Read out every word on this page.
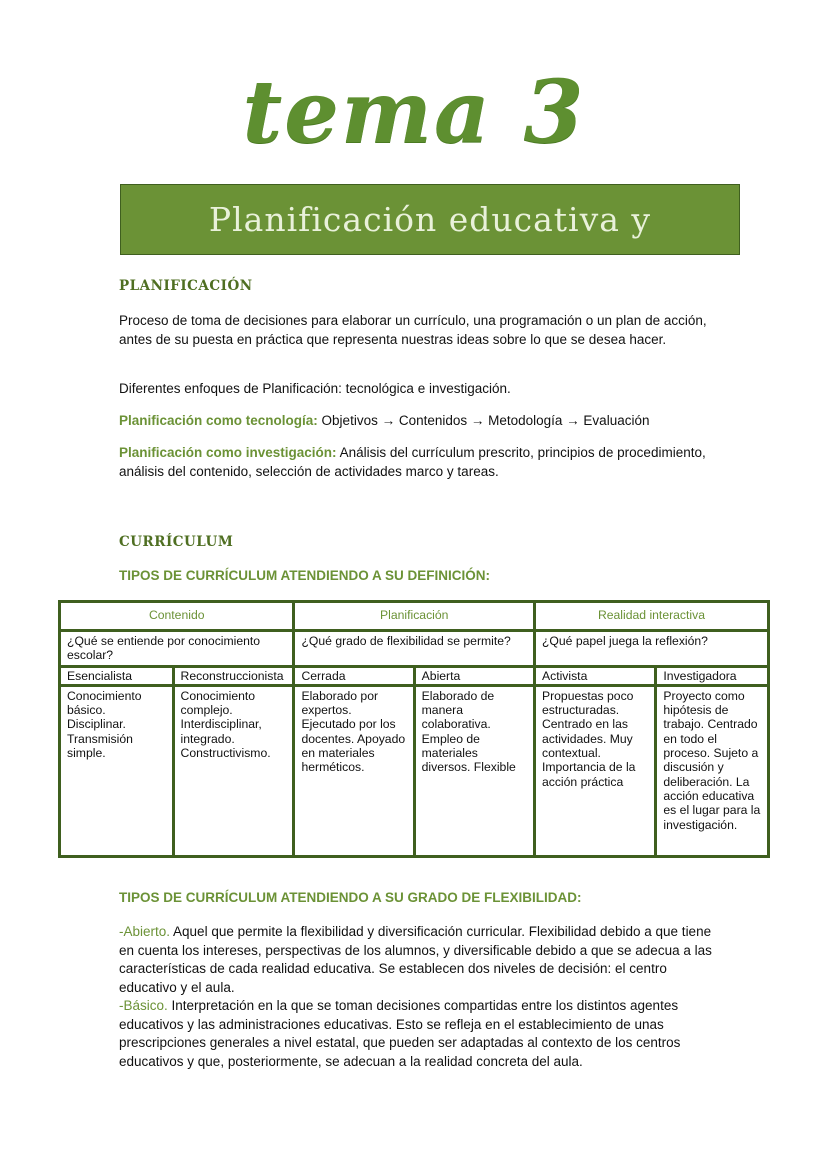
tema 3
Planificación educativa y
PLANIFICACIÓN
Proceso de toma de decisiones para elaborar un currículo, una programación o un plan de acción, antes de su puesta en práctica que representa nuestras ideas sobre lo que se desea hacer.
Diferentes enfoques de Planificación: tecnológica e investigación.
Planificación como tecnología: Objetivos → Contenidos → Metodología → Evaluación
Planificación como investigación: Análisis del currículum prescrito, principios de procedimiento, análisis del contenido, selección de actividades marco y tareas.
CURRÍCULUM
TIPOS DE CURRÍCULUM ATENDIENDO A SU DEFINICIÓN:
Contenido		Planificación		Realidad interactiva	
¿Qué se entiende por conocimiento escolar?		¿Qué grado de flexibilidad se permite?		¿Qué papel juega la reflexión?	
Esencialista	Reconstruccionista	Cerrada	Abierta	Activista	Investigadora
Conocimiento básico. Disciplinar. Transmisión simple.	Conocimiento complejo. Interdisciplinar, integrado. Constructivismo.	Elaborado por expertos. Ejecutado por los docentes. Apoyado en materiales herméticos.	Elaborado de manera colaborativa. Empleo de materiales diversos. Flexible	Propuestas poco estructuradas. Centrado en las actividades. Muy contextual. Importancia de la acción práctica	Proyecto como hipótesis de trabajo. Centrado en todo el proceso. Sujeto a discusión y deliberación. La acción educativa es el lugar para la investigación.
TIPOS DE CURRÍCULUM ATENDIENDO A SU GRADO DE FLEXIBILIDAD:
-Abierto. Aquel que permite la flexibilidad y diversificación curricular. Flexibilidad debido a que tiene en cuenta los intereses, perspectivas de los alumnos, y diversificable debido a que se adecua a las características de cada realidad educativa. Se establecen dos niveles de decisión: el centro educativo y el aula.
-Básico. Interpretación en la que se toman decisiones compartidas entre los distintos agentes educativos y las administraciones educativas. Esto se refleja en el establecimiento de unas prescripciones generales a nivel estatal, que pueden ser adaptadas al contexto de los centros educativos y que, posteriormente, se adecuan a la realidad concreta del aula.
